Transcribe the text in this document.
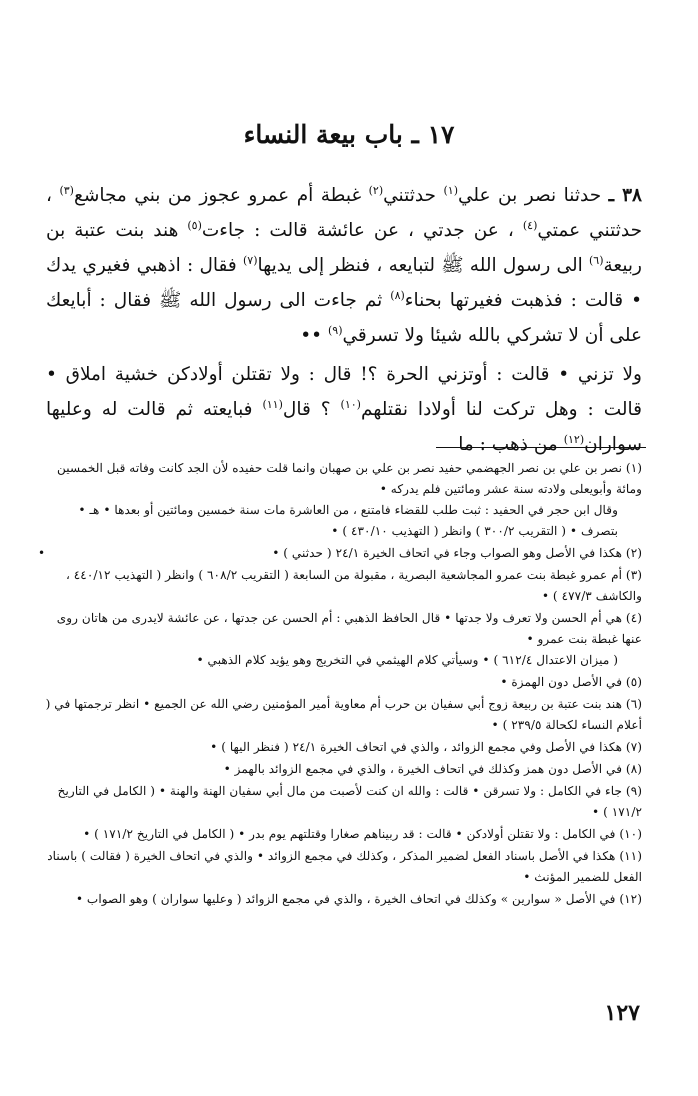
١٧ ـ باب بيعة النساء

٣٨ ـ حدثنا نصر بن علي$^{(١)}$ حدثتني$^{(٢)}$ غبطة أم عمرو عجوز من بني مجاشع$^{(٣)}$ ، حدثتني عمتي$^{(٤)}$ ، عن جدتي ، عن عائشة قالت : جاءت$^{(٥)}$ هند بنت عتبة بن ربيعة$^{(٦)}$ الى رسول الله ﷺ لتبايعه ، فنظر إلى يديها$^{(٧)}$ فقال : اذهبي فغيري يدك • قالت : فذهبت فغيرتها بحناء$^{(٨)}$ ثم جاءت الى رسول الله ﷺ فقال : أبايعك على أن لا تشركي بالله شيئا ولا تسرقي$^{(٩)}$ ••

ولا تزني • قالت : أوتزني الحرة ؟! قال : ولا تقتلن أولادكن خشية املاق • قالت : وهل تركت لنا أولادا نقتلهم$^{(١٠)}$ ؟ قال$^{(١١)}$ فبايعته ثم قالت له وعليها سواران$^{(١٢)}$ من ذهب : ما

(١) نصر بن علي بن نصر الجهضمي حفيد نصر بن علي بن صهبان وانما قلت حفيده لأن الجد كانت وفاته قبل الخمسين ومائة وأبويعلى ولادته سنة عشر ومائتين فلم يدركه •
وقال ابن حجر في الحفيد : ثبت طلب للقضاء فامتنع ، من العاشرة مات سنة خمسين ومائتين أو بعدها • هـ • بتصرف • ( التقريب ٣٠٠/٢ ) وانظر ( التهذيب ٤٣٠/١٠ ) •
(٢) هكذا في الأصل وهو الصواب وجاء في اتحاف الخيرة ٢٤/١ ( حدثني ) •
•
(٣) أم عمرو غبطة بنت عمرو المجاشعية البصرية ، مقبولة من السابعة ( التقريب ٦٠٨/٢ ) وانظر ( التهذيب ٤٤٠/١٢ ، والكاشف ٤٧٧/٣ ) •
(٤) هي أم الحسن ولا تعرف ولا جدتها • قال الحافظ الذهبي : أم الحسن عن جدتها ، عن عائشة لايدرى من هاتان روى عنها غبطة بنت عمرو •
( ميزان الاعتدال ٦١٢/٤ ) • وسيأتي كلام الهيثمي في التخريج وهو يؤيد كلام الذهبي •
(٥) في الأصل دون الهمزة •
(٦) هند بنت عتبة بن ربيعة زوج أبي سفيان بن حرب أم معاوية أمير المؤمنين رضي الله عن الجميع • انظر ترجمتها في ( أعلام النساء لكحالة ٢٣٩/٥ ) •
(٧) هكذا في الأصل وفي مجمع الزوائد ، والذي في اتحاف الخيرة ٢٤/١ ( فنظر اليها ) •
(٨) في الأصل دون همز وكذلك في اتحاف الخيرة ، والذي في مجمع الزوائد بالهمز •
(٩) جاء في الكامل : ولا تسرقن • قالت : والله ان كنت لأصبت من مال أبي سفيان الهنة والهنة • ( الكامل في التاريخ ١٧١/٢ ) •
(١٠) في الكامل : ولا تقتلن أولادكن • قالت : قد ربيناهم صغارا وقتلتهم يوم بدر • ( الكامل في التاريخ ١٧١/٢ ) •
(١١) هكذا في الأصل باسناد الفعل لضمير المذكر ، وكذلك في مجمع الزوائد • والذي في اتحاف الخيرة ( فقالت ) باسناد الفعل للضمير المؤنث •
(١٢) في الأصل « سوارين » وكذلك في اتحاف الخيرة ، والذي في مجمع الزوائد ( وعليها سواران ) وهو الصواب •
١٢٧
